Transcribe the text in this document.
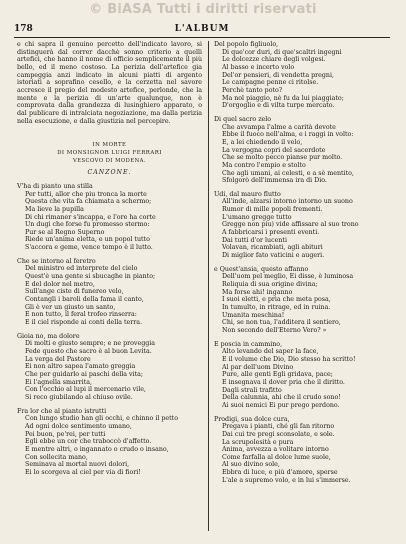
© BiASA Tutti i diritti riservati
L'ALBUM
178

e chi sapra il genuino percetto dell'indicato lavoro, si distinguerà dal correr dacchè sonno criterio a quelli artefici, che hanno il nome di officio semplicemente il più bello, ed il meno costoso. La perizia dell'artefice gia campeggia anzi indicato in alcuni piatti di argento istoriati a soprafino cesello, e la cerzetta nel savore accresce il pregio del modesto artefice, perlonde, che la mente e la perizia di un'arte qualunque, non è comprovata dalla grandezza di lusinghiero apparato, o dal publicare di intralciata negoziazione, ma dalla perizia nella esecuzione, e dalla giustizia nel percepire.

IN MORTE
DI MONSIGNOR LUIGI FERRARI
VESCOVO DI MODENA.
CANZONE.
V'ha di pianto una stilla
Per tutti, allor che piu tronca la morte
Questa che vita fa chiamata a schermo;
Ma lieve la pupilla
Di chi rimaner s'incappa, e l'ore ha corte
Un dugi che forse fu promesso stermo:
Pur se al Regno Superno
Riede un'anima eletta, e un popol tutto
S'accora e geme, vence tempo è il lutto.
Che se intorno al feretro
Del ministro ed interprete del cielo
Quest'è una gente si sbucaghe in pianto;
E del dolor nel metro,
Sull'ange ciste di funereo velo,
Contangli i baroli della fama il canto,
Gli è ver un giusto un santo,
E non tutto, il feral trofeo rinserra:
E il ciel risponde ai conti della terra.
Gioia no, ma dolore
Di molti e giusto sempre; e ne proveggia
Fede questo che sacro è al buon Levita.
La verga del Pastore
Ei non altro sapea l'amato greggia
Che per guidarlo ai paschi della vita;
Ei l'agnella smarrita,
Con l'occhio al lupi il mercenario vile,
Si reco giubilando al chiuso ovile.
Fra lor che al pianto istrutti
Con lungo studio han gli occhi, e chinno il petto
Ad ogni dolce sentimento umano,
Pei buon, pe'rei, per tutti
Egli ebbe un cor che traboccò d'affetto.
E mentre altri, o ingannato o crudo o insano,
Con sollecita mano,
Seminava al mortal nuovi dolori,
Ei lo scorgeva al ciel per via di fiori!
Del popolo figliuolo,
Di que'cor duri, di que'scaltri ingegni
Le dolcezze chiare degli volgesi.
Al basso e incerto volo
Del'or pensieri, di vendetta pregni,
Le campagne penne ci ritolse.
Perchè tanto poto?
Ma nol piaggio, nè fu da lui piaggiato;
D'orgoglio e di vilta turpe mercato.
Di quel sacro zelo
Che avvampa l'alme a carità devote
Ebbe il fuoco nell'alma, e i raggi in volto:
E, a lei chiedendo il velo,
La vergogna copri del sacerdote
Che se molto pecco pianse pur molto.
Ma contro l'empio e stolto
Che agli umani, ai celesti, e a sè mentito,
Sfolgorò dell'immensa ira di Dio.
Udi, dal mauro flutto
All'inde, alzarsi intorno intorno un suono
Rumor di mille popoli frementi.
L'umano gregge tutto
Gregge non piu) vide affissare al suo trono
A fabbricarsi i presenti eventi.
Dai tutti d'or lucenti
Volavan, ricambiati, agli abituri
Di miglior fato vaticini e augeri.
e Quest'ansia, questo affanno
Dell'uom pel meglio, Ei disse, è luminosa
Reliquia di sua origine divina;
Ma forse ahi! inganno
I suoi eletti, e pria che meta posa,
In tumulto, in ritrage, ed in ruina.
Umanita meschina!
Chi, se non tua, l'additera il sentiero,
Non secondo dell'Eterno Vero? »
E poscia in cammino,
Alto levando del saper la face,
E il volume che Dio, Dio stesso ha scritto!
Al par dell'uom Divino
Pure, alle genti Egli gridava, pace;
E insegnava il dover pria che il diritto.
Dagli strali trafitto
Della calunnia, ahi che il crudo sono!
Ai suoi nemici Ei pur prego perdono.
Prodigi, sua dolce cura,
Pregava i pianti, ché gli fan ritorno
Dai cui tre pregi sconsolate, e sole.
La scrupolesità e pura
Anima, avvezza a volitare intorno
Come farfalla al dolce lume suole,
Al suo divino sole,
Ebbra di luce, e più d'amore, sperse
L'ale a supremo volo, e in lui s'immerse.
